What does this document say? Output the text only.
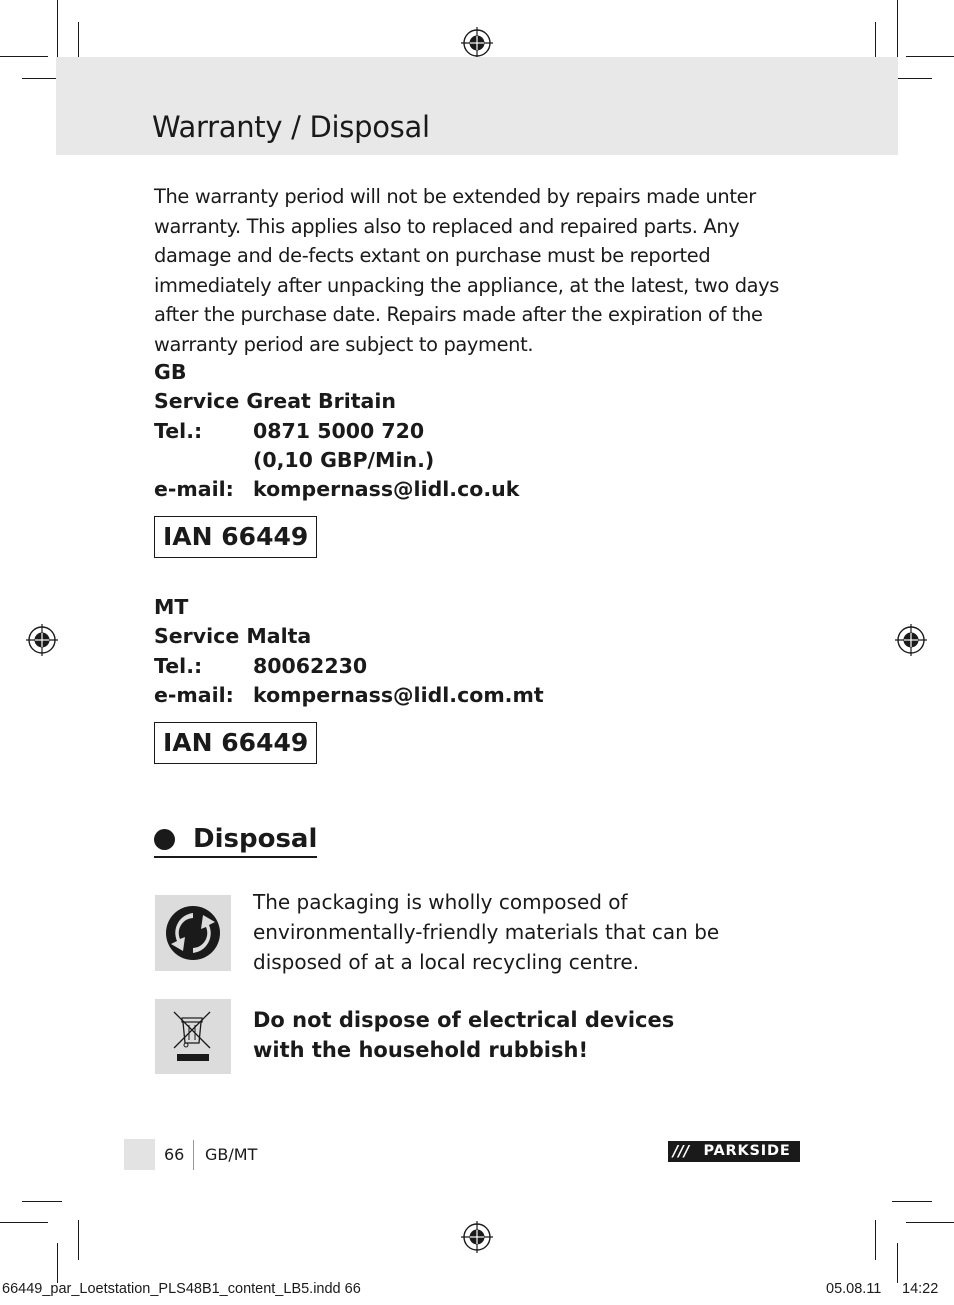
Warranty / Disposal

The warranty period will not be extended by repairs made unter warranty. This applies also to replaced and repaired parts. Any damage and de-fects extant on purchase must be reported immediately after unpacking the appliance, at the latest, two days after the purchase date. Repairs made after the expiration of the warranty period are subject to payment.

GB
Service Great Britain
Tel.:	0871 5000 720
(0,10 GBP/Min.)
e-mail: kompernass@lidl.co.uk
IAN 66449
MT
Service Malta
Tel.:	80062230
e-mail: kompernass@lidl.com.mt
IAN 66449
Disposal

The packaging is wholly composed of environmentally-friendly materials that can be disposed of at a local recycling centre.

Do not dispose of electrical devices
with the household rubbish!
66 GB/MT	/// PARKSIDE
66449_par_Loetstation_PLS48B1_content_LB5.indd 66	05.08.11 14:22
